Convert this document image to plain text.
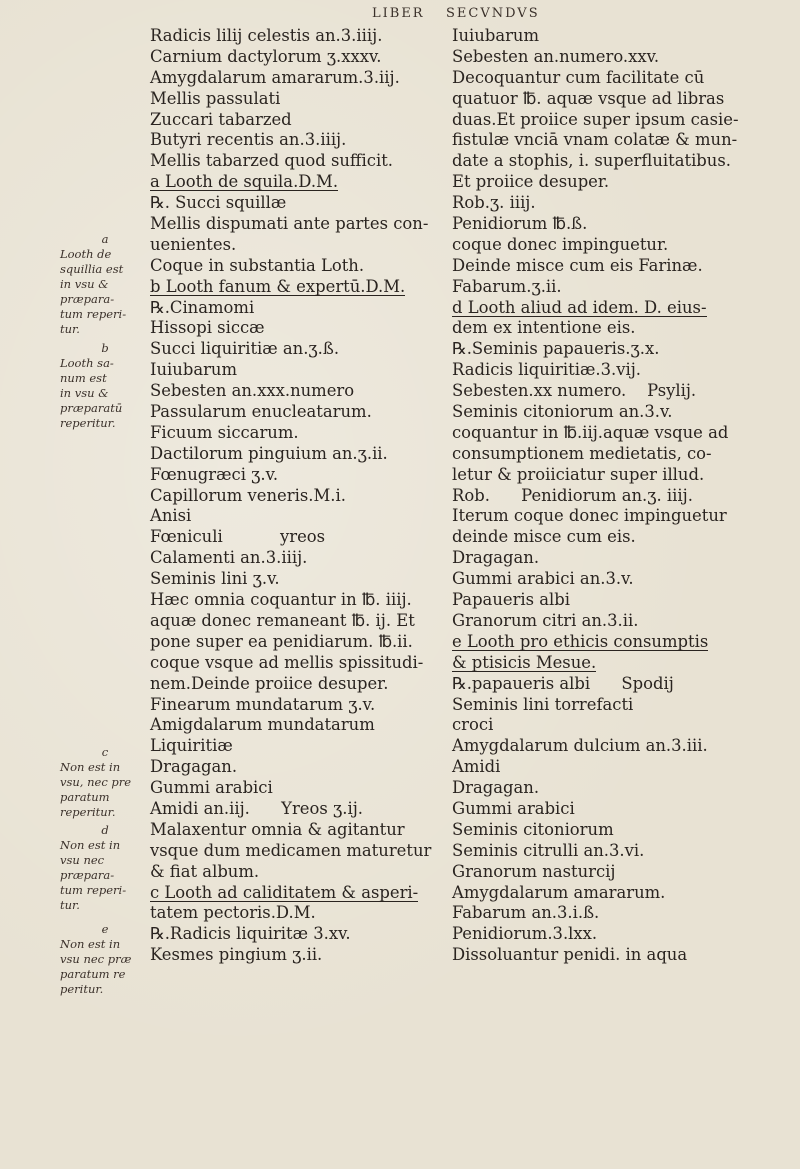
LIBER SECVNDVS
a
Looth de
squillia est
in vsu &
præpara-
tum reperi-
tur.
b
Looth sa-
num est
in vsu &
præparatū
reperitur.
c
Non est in
vsu, nec pre
paratum
reperitur.
d
Non est in
vsu nec
præpara-
tum reperi-
tur.
e
Non est in
vsu nec præ
paratum re
peritur.
Radicis lilij celestis an.3.iiij.
Carnium dactylorum ʒ.xxxv.
Amygdalarum amararum.3.iij.
Mellis passulati
Zuccari tabarzed
Butyri recentis an.3.iiij.
Mellis tabarzed quod sufficit.
a Looth de squila.D.M.
℞. Succi squillæ
Mellis dispumati ante partes con-
uenientes.
Coque in substantia Loth.
b Looth fanum & expertū.D.M.
℞.Cinamomi
Hissopi siccæ
Succi liquiritiæ an.ʒ.ß.
Iuiubarum
Sebesten an.xxx.numero
Passularum enucleatarum.
Ficuum siccarum.
Dactilorum pinguium an.ʒ.ii.
Fœnugræci ʒ.v.
Capillorum veneris.M.i.
Anisi
Fœniculi           yreos
Calamenti an.3.iiij.
Seminis lini ʒ.v.
Hæc omnia coquantur in ℔. iiij.
aquæ donec remaneant ℔. ij. Et
pone super ea penidiarum. ℔.ii.
coque vsque ad mellis spissitudi-
nem.Deinde proiice desuper.
Finearum mundatarum ʒ.v.
Amigdalarum mundatarum
Liquiritiæ
Dragagan.
Gummi arabici
Amidi an.iij.      Yreos ʒ.ij.
Malaxentur omnia & agitantur
vsque dum medicamen maturetur
& fiat album.
c Looth ad caliditatem & asperi-
tatem pectoris.D.M.
℞.Radicis liquiritæ 3.xv.
Kesmes pingium ʒ.ii.
Iuiubarum
Sebesten an.numero.xxv.
Decoquantur cum facilitate cū
quatuor ℔. aquæ vsque ad libras
duas.Et proiice super ipsum casie-
fistulæ vnciā vnam colatæ & mun-
date a stophis, i. superfluitatibus.
Et proiice desuper.
Rob.ʒ. iiij.
Penidiorum ℔.ß.
coque donec impinguetur.
Deinde misce cum eis Farinæ.
Fabarum.ʒ.ii.
d Looth aliud ad idem. D. eius-
dem ex intentione eis.
℞.Seminis papaueris.ʒ.x.
Radicis liquiritiæ.3.vij.
Sebesten.xx numero.    Psylij.
Seminis citoniorum an.3.v.
coquantur in ℔.iij.aquæ vsque ad
consumptionem medietatis, co-
letur & proiiciatur super illud.
Rob.      Penidiorum an.ʒ. iiij.
Iterum coque donec impinguetur
deinde misce cum eis.
Dragagan.
Gummi arabici an.3.v.
Papaueris albi
Granorum citri an.3.ii.
e Looth pro ethicis consumptis
& ptisicis Mesue.
℞.papaueris albi      Spodij
Seminis lini torrefacti
croci
Amygdalarum dulcium an.3.iii.
Amidi
Dragagan.
Gummi arabici
Seminis citoniorum
Seminis citrulli an.3.vi.
Granorum nasturcij
Amygdalarum amararum.
Fabarum an.3.i.ß.
Penidiorum.3.lxx.
Dissoluantur penidi. in aqua
